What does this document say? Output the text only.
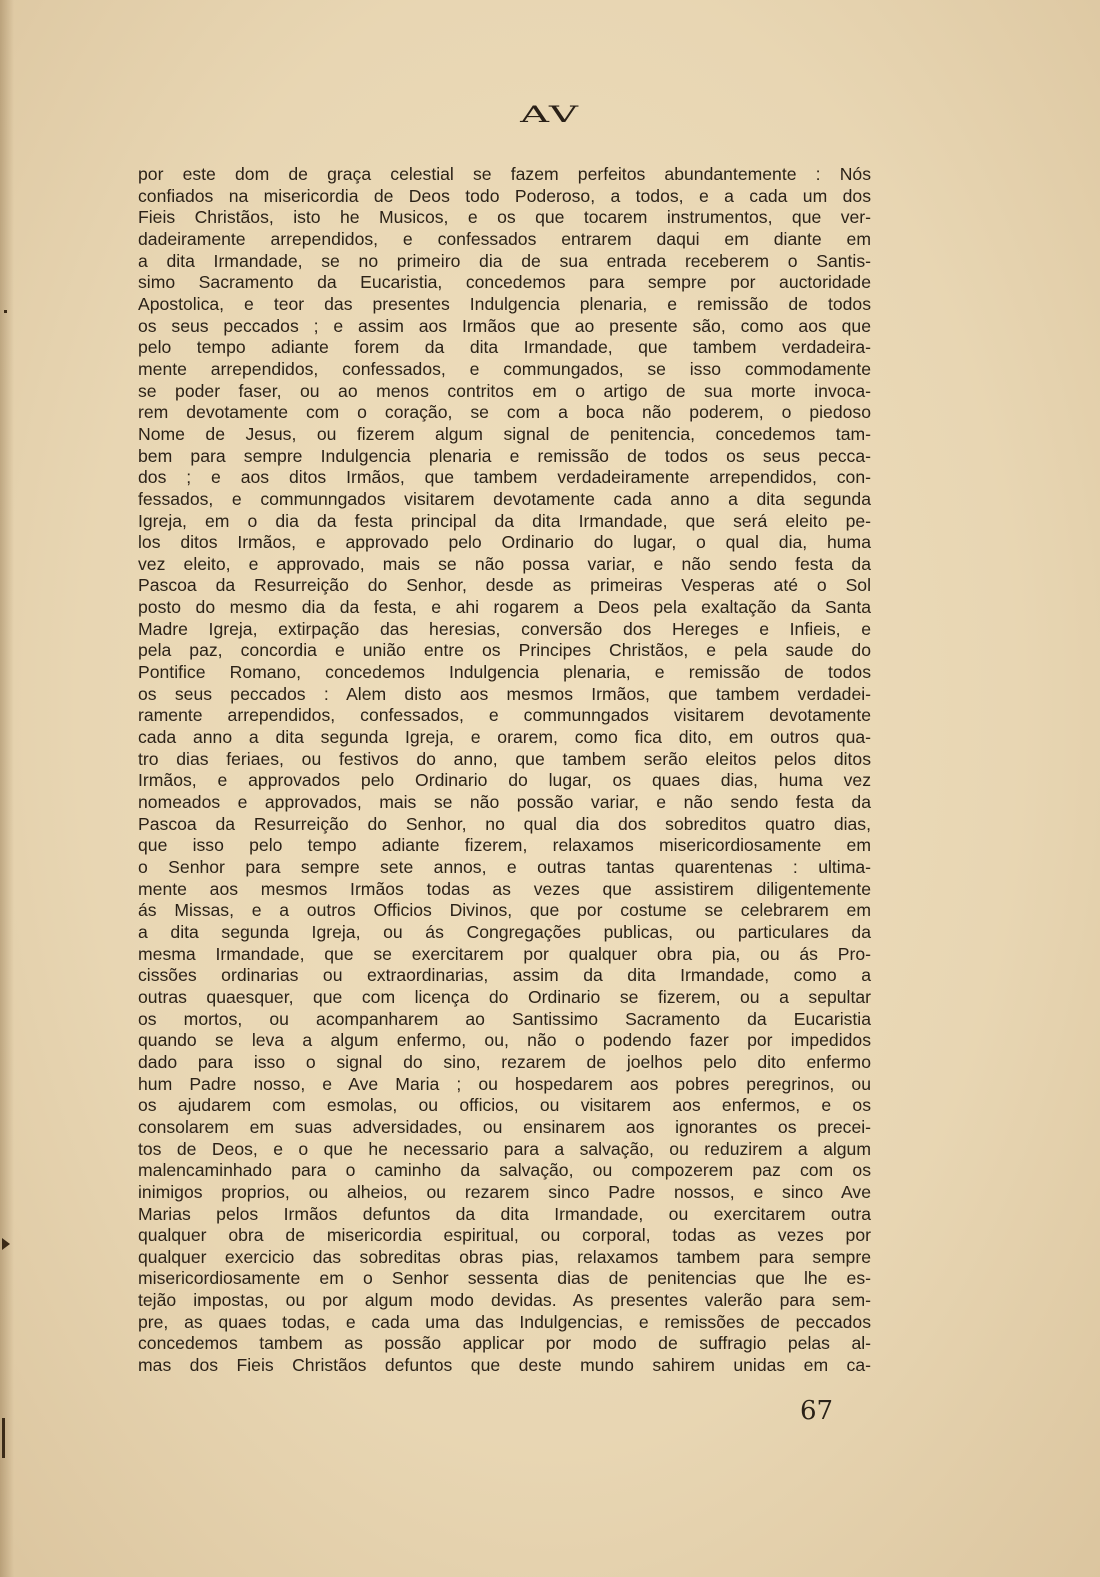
AV
por este dom de graça celestial se fazem perfeitos abundantemente : Nós
confiados na misericordia de Deos todo Poderoso, a todos, e a cada um dos
Fieis Christãos, isto he Musicos, e os que tocarem instrumentos, que ver-
dadeiramente arrependidos, e confessados entrarem daqui em diante em
a dita Irmandade, se no primeiro dia de sua entrada receberem o Santis-
simo Sacramento da Eucaristia, concedemos para sempre por auctoridade
Apostolica, e teor das presentes Indulgencia plenaria, e remissão de todos
os seus peccados ; e assim aos Irmãos que ao presente são, como aos que
pelo tempo adiante forem da dita Irmandade, que tambem verdadeira-
mente arrependidos, confessados, e commungados, se isso commodamente
se poder faser, ou ao menos contritos em o artigo de sua morte invoca-
rem devotamente com o coração, se com a boca não poderem, o piedoso
Nome de Jesus, ou fizerem algum signal de penitencia, concedemos tam-
bem para sempre Indulgencia plenaria e remissão de todos os seus pecca-
dos ; e aos ditos Irmãos, que tambem verdadeiramente arrependidos, con-
fessados, e communngados visitarem devotamente cada anno a dita segunda
Igreja, em o dia da festa principal da dita Irmandade, que será eleito pe-
los ditos Irmãos, e approvado pelo Ordinario do lugar, o qual dia, huma
vez eleito, e approvado, mais se não possa variar, e não sendo festa da
Pascoa da Resurreição do Senhor, desde as primeiras Vesperas até o Sol
posto do mesmo dia da festa, e ahi rogarem a Deos pela exaltação da Santa
Madre Igreja, extirpação das heresias, conversão dos Hereges e Infieis, e
pela paz, concordia e união entre os Principes Christãos, e pela saude do
Pontifice Romano, concedemos Indulgencia plenaria, e remissão de todos
os seus peccados : Alem disto aos mesmos Irmãos, que tambem verdadei-
ramente arrependidos, confessados, e communngados visitarem devotamente
cada anno a dita segunda Igreja, e orarem, como fica dito, em outros qua-
tro dias feriaes, ou festivos do anno, que tambem serão eleitos pelos ditos
Irmãos, e approvados pelo Ordinario do lugar, os quaes dias, huma vez
nomeados e approvados, mais se não possão variar, e não sendo festa da
Pascoa da Resurreição do Senhor, no qual dia dos sobreditos quatro dias,
que isso pelo tempo adiante fizerem, relaxamos misericordiosamente em
o Senhor para sempre sete annos, e outras tantas quarentenas : ultima-
mente aos mesmos Irmãos todas as vezes que assistirem diligentemente
ás Missas, e a outros Officios Divinos, que por costume se celebrarem em
a dita segunda Igreja, ou ás Congregações publicas, ou particulares da
mesma Irmandade, que se exercitarem por qualquer obra pia, ou ás Pro-
cissões ordinarias ou extraordinarias, assim da dita Irmandade, como a
outras quaesquer, que com licença do Ordinario se fizerem, ou a sepultar
os mortos, ou acompanharem ao Santissimo Sacramento da Eucaristia
quando se leva a algum enfermo, ou, não o podendo fazer por impedidos
dado para isso o signal do sino, rezarem de joelhos pelo dito enfermo
hum Padre nosso, e Ave Maria ; ou hospedarem aos pobres peregrinos, ou
os ajudarem com esmolas, ou officios, ou visitarem aos enfermos, e os
consolarem em suas adversidades, ou ensinarem aos ignorantes os precei-
tos de Deos, e o que he necessario para a salvação, ou reduzirem a algum
malencaminhado para o caminho da salvação, ou compozerem paz com os
inimigos proprios, ou alheios, ou rezarem sinco Padre nossos, e sinco Ave
Marias pelos Irmãos defuntos da dita Irmandade, ou exercitarem outra
qualquer obra de misericordia espiritual, ou corporal, todas as vezes por
qualquer exercicio das sobreditas obras pias, relaxamos tambem para sempre
misericordiosamente em o Senhor sessenta dias de penitencias que lhe es-
tejão impostas, ou por algum modo devidas. As presentes valerão para sem-
pre, as quaes todas, e cada uma das Indulgencias, e remissões de peccados
concedemos tambem as possão applicar por modo de suffragio pelas al-
mas dos Fieis Christãos defuntos que deste mundo sahirem unidas em ca-
67
